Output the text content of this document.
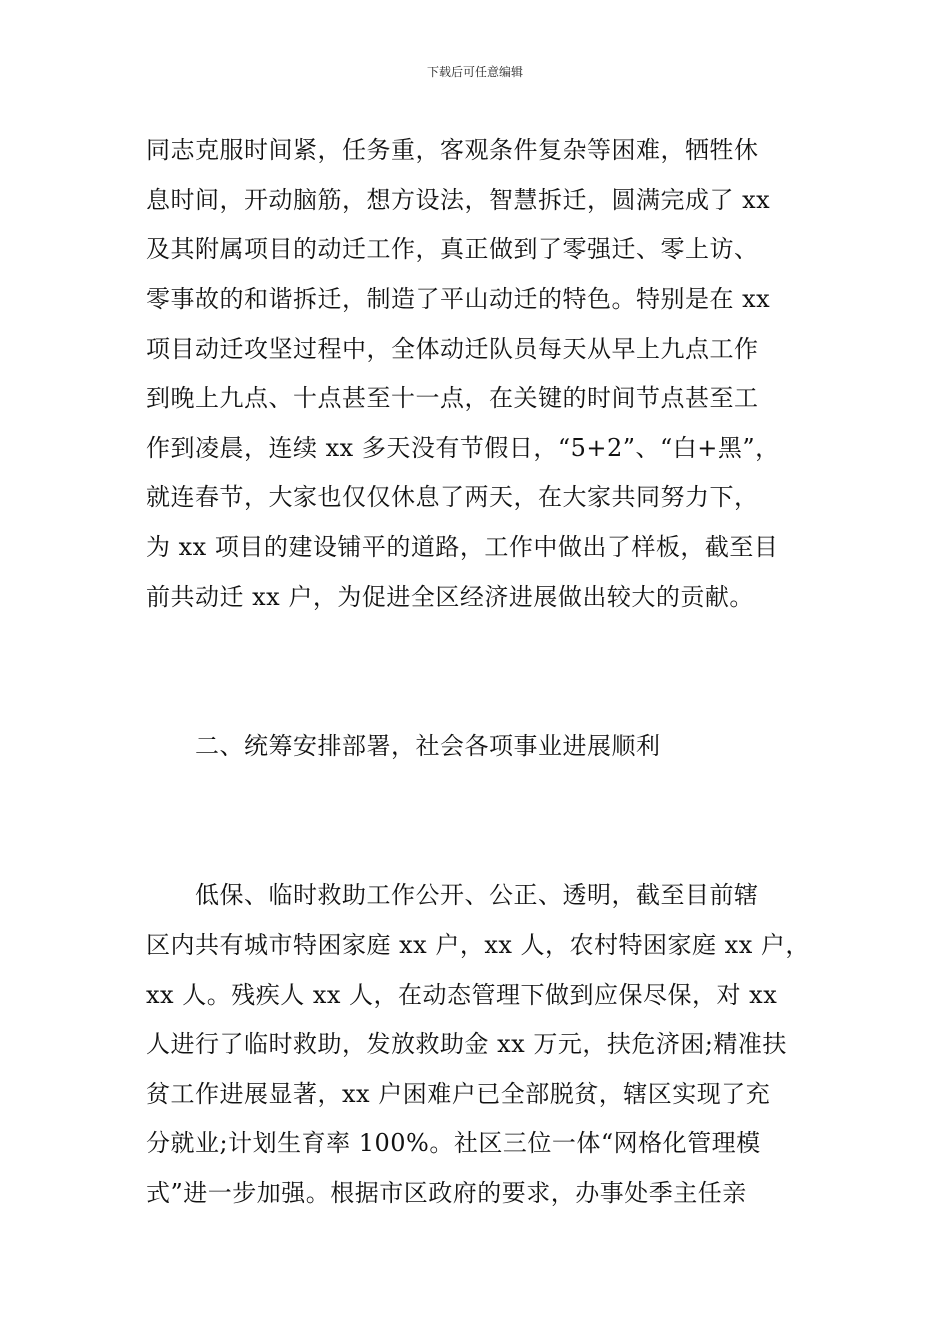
下载后可任意编辑
同志克服时间紧，任务重，客观条件复杂等困难，牺牲休
息时间，开动脑筋，想方设法，智慧拆迁，圆满完成了 xx
及其附属项目的动迁工作，真正做到了零强迁、零上访、
零事故的和谐拆迁，制造了平山动迁的特色。特别是在 xx
项目动迁攻坚过程中，全体动迁队员每天从早上九点工作
到晚上九点、十点甚至十一点，在关键的时间节点甚至工
作到凌晨，连续 xx 多天没有节假日，“5+2”、“白+黑”，
就连春节，大家也仅仅休息了两天，在大家共同努力下，
为 xx 项目的建设铺平的道路，工作中做出了样板，截至目
前共动迁 xx 户，为促进全区经济进展做出较大的贡献。
二、统筹安排部署，社会各项事业进展顺利
低保、临时救助工作公开、公正、透明，截至目前辖
区内共有城市特困家庭 xx 户，xx 人，农村特困家庭 xx 户，
xx 人。残疾人 xx 人，在动态管理下做到应保尽保，对 xx
人进行了临时救助，发放救助金 xx 万元，扶危济困;精准扶
贫工作进展显著，xx 户困难户已全部脱贫，辖区实现了充
分就业;计划生育率 100%。社区三位一体“网格化管理模
式”进一步加强。根据市区政府的要求，办事处季主任亲
